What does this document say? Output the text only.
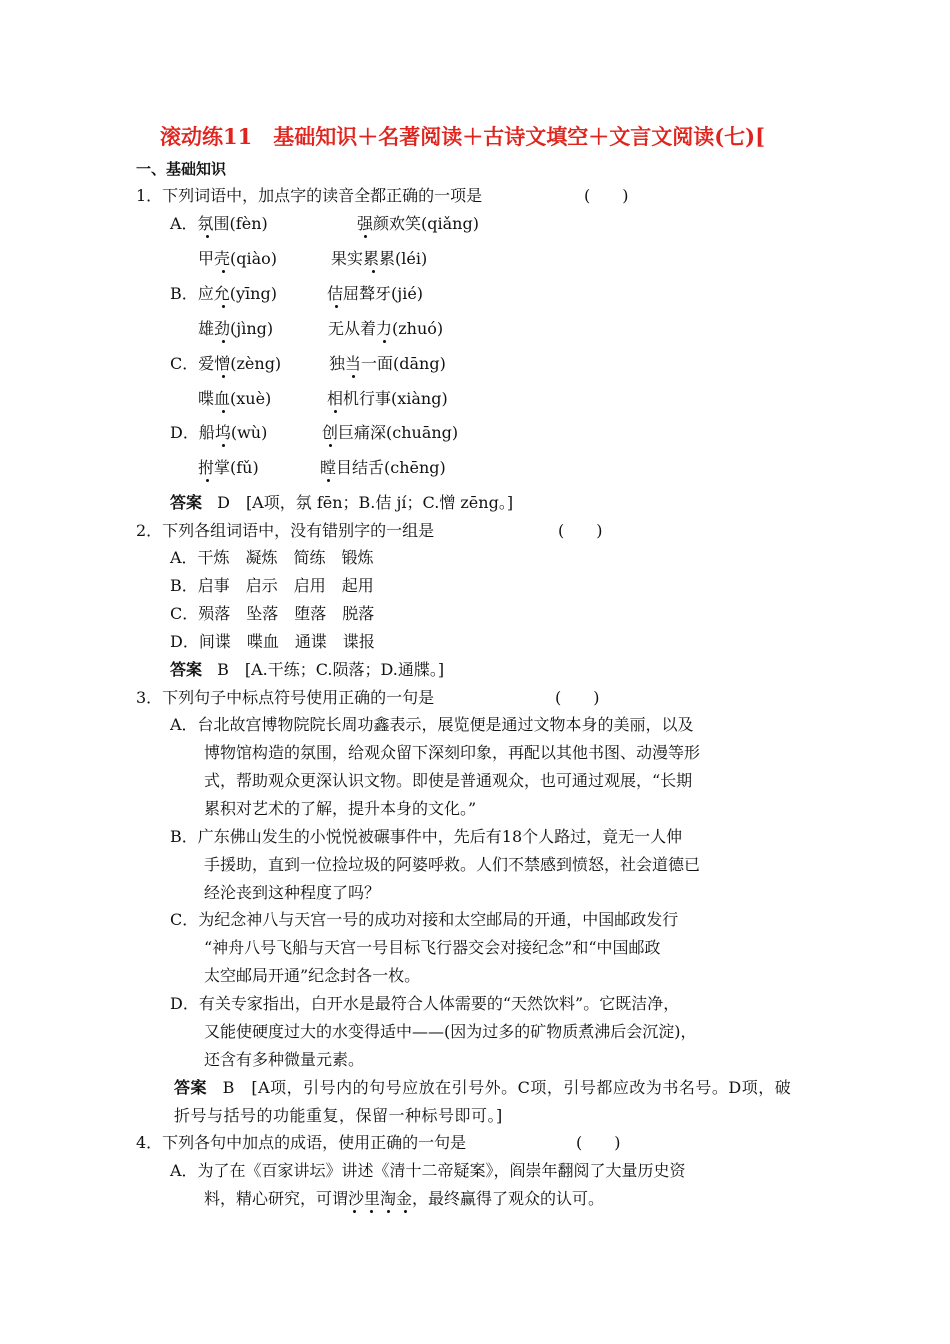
滚动练11　基础知识＋名著阅读＋古诗文填空＋文言文阅读(七)[
一、基础知识
1．下列词语中，加点字的读音全都正确的一项是	(　　)
A．氛围(fèn)	强颜欢笑(qiǎng)
甲壳(qiào)	果实累累(léi)
B．应允(yīng)	佶屈聱牙(jié)
雄劲(jìng)	无从着力(zhuó)
C．爱憎(zèng)	独当一面(dāng)
喋血(xuè)	相机行事(xiàng)
D．船坞(wù)	创巨痛深(chuāng)
拊掌(fǔ)	瞠目结舌(chēng)
答案 D　[A项，氛 fēn；B.佶 jí；C.憎 zēng。]
2．下列各组词语中，没有错别字的一组是	(　　)
A．干炼　凝炼　简练　锻炼
B．启事　启示　启用　起用
C．殒落　坠落　堕落　脱落
D．间谍　喋血　通谍　谍报
答案 B　[A.干练；C.陨落；D.通牒。]
3．下列句子中标点符号使用正确的一句是	(　　)
A．台北故宫博物院院长周功鑫表示，展览便是通过文物本身的美丽，以及
博物馆构造的氛围，给观众留下深刻印象，再配以其他书图、动漫等形
式，帮助观众更深认识文物。即使是普通观众，也可通过观展，“长期
累积对艺术的了解，提升本身的文化。”
B．广东佛山发生的小悦悦被碾事件中，先后有18个人路过，竟无一人伸
手援助，直到一位捡垃圾的阿婆呼救。人们不禁感到愤怒，社会道德已
经沦丧到这种程度了吗？
C．为纪念神八与天宫一号的成功对接和太空邮局的开通，中国邮政发行
“神舟八号飞船与天宫一号目标飞行器交会对接纪念”和“中国邮政
太空邮局开通”纪念封各一枚。
D．有关专家指出，白开水是最符合人体需要的“天然饮料”。它既洁净，
又能使硬度过大的水变得适中——(因为过多的矿物质煮沸后会沉淀)，
还含有多种微量元素。
答案 B　[A项，引号内的句号应放在引号外。C项，引号都应改为书名号。D项，破
折号与括号的功能重复，保留一种标号即可。]
4．下列各句中加点的成语，使用正确的一句是	(　　)
A．为了在《百家讲坛》讲述《清十二帝疑案》，阎崇年翻阅了大量历史资
料，精心研究，可谓沙里淘金，最终赢得了观众的认可。
